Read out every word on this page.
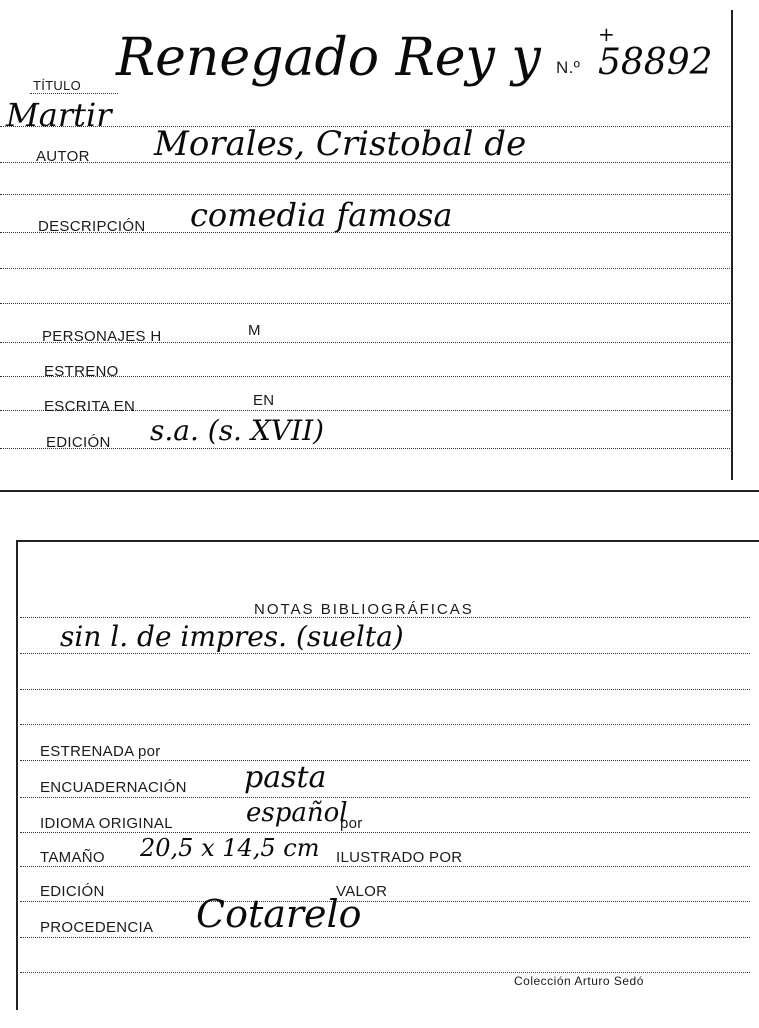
TÍTULO Renegado Rey y N.º
+
58892
Martir
AUTOR Morales, Cristobal de
DESCRIPCIÓN comedia famosa
PERSONAJES H	M
ESTRENO
ESCRITA EN	EN
EDICIÓN s.a. (s. XVII)
NOTAS BIBLIOGRÁFICAS
sin l. de impres. (suelta)
ESTRENADA por
ENCUADERNACIÓN pasta
IDIOMA ORIGINAL	español
por
TAMAÑO 20,5 x 14,5 cm ILUSTRADO POR
EDICIÓN	VALOR
PROCEDENCIA Cotarelo
Colección Arturo Sedó
